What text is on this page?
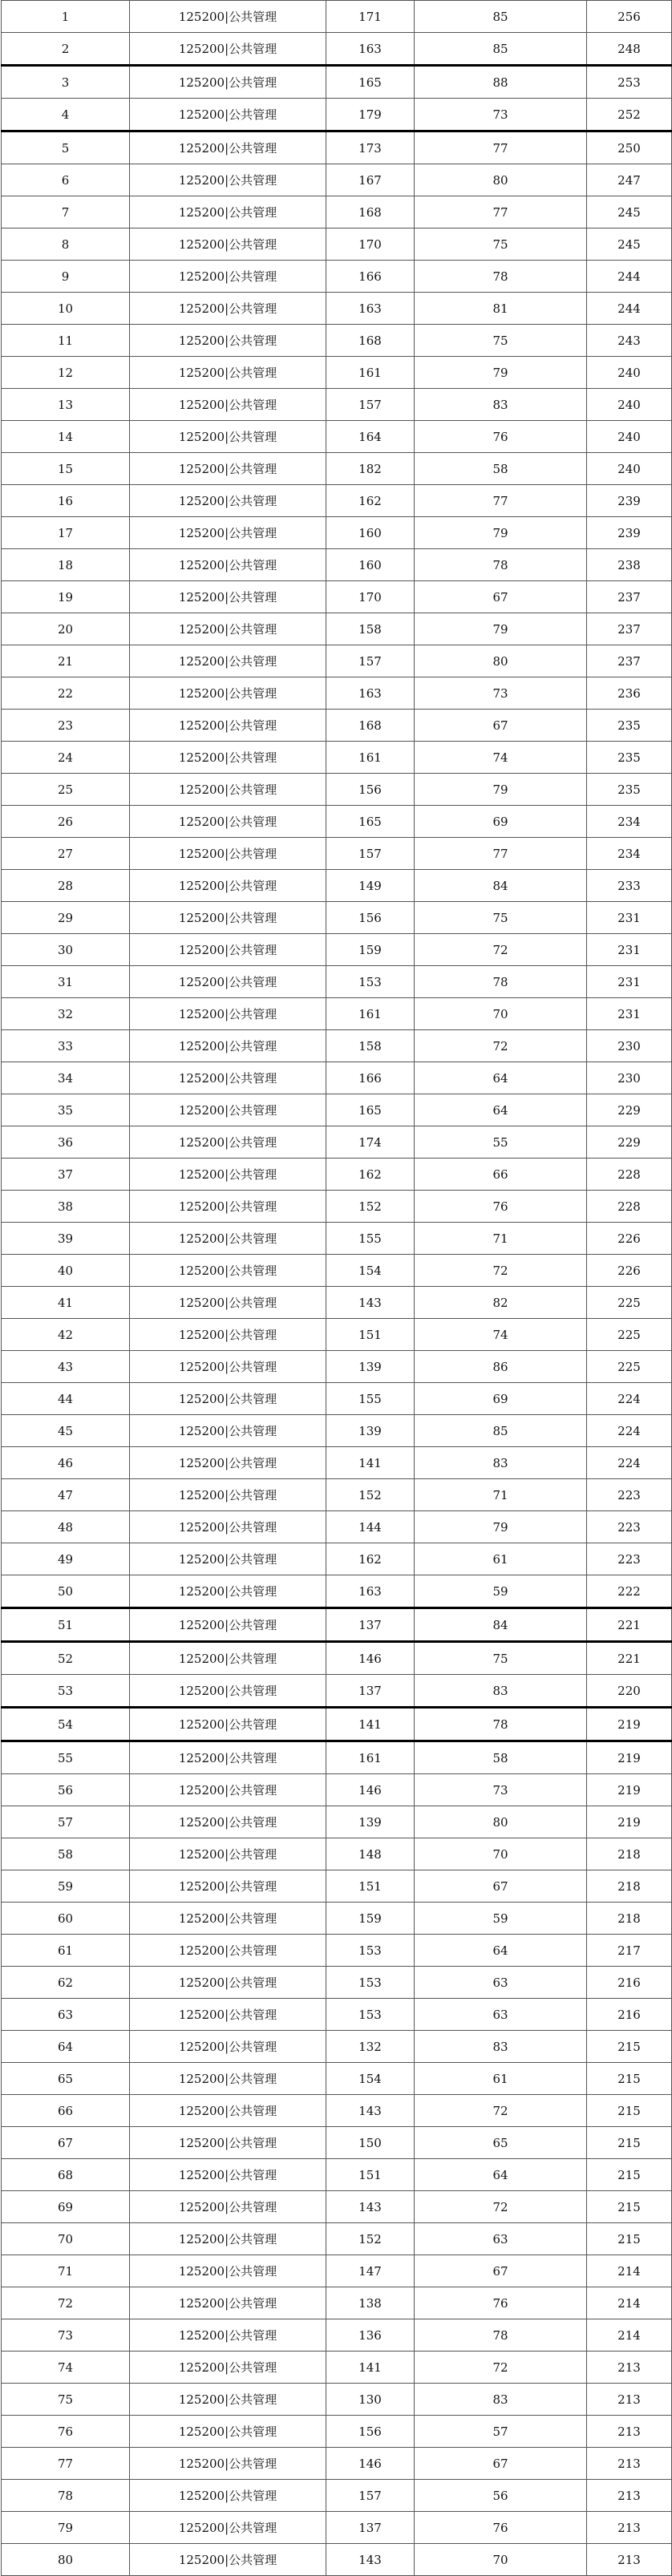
1	125200|公共管理	171	85	256
2	125200|公共管理	163	85	248
3	125200|公共管理	165	88	253
4	125200|公共管理	179	73	252
5	125200|公共管理	173	77	250
6	125200|公共管理	167	80	247
7	125200|公共管理	168	77	245
8	125200|公共管理	170	75	245
9	125200|公共管理	166	78	244
10	125200|公共管理	163	81	244
11	125200|公共管理	168	75	243
12	125200|公共管理	161	79	240
13	125200|公共管理	157	83	240
14	125200|公共管理	164	76	240
15	125200|公共管理	182	58	240
16	125200|公共管理	162	77	239
17	125200|公共管理	160	79	239
18	125200|公共管理	160	78	238
19	125200|公共管理	170	67	237
20	125200|公共管理	158	79	237
21	125200|公共管理	157	80	237
22	125200|公共管理	163	73	236
23	125200|公共管理	168	67	235
24	125200|公共管理	161	74	235
25	125200|公共管理	156	79	235
26	125200|公共管理	165	69	234
27	125200|公共管理	157	77	234
28	125200|公共管理	149	84	233
29	125200|公共管理	156	75	231
30	125200|公共管理	159	72	231
31	125200|公共管理	153	78	231
32	125200|公共管理	161	70	231
33	125200|公共管理	158	72	230
34	125200|公共管理	166	64	230
35	125200|公共管理	165	64	229
36	125200|公共管理	174	55	229
37	125200|公共管理	162	66	228
38	125200|公共管理	152	76	228
39	125200|公共管理	155	71	226
40	125200|公共管理	154	72	226
41	125200|公共管理	143	82	225
42	125200|公共管理	151	74	225
43	125200|公共管理	139	86	225
44	125200|公共管理	155	69	224
45	125200|公共管理	139	85	224
46	125200|公共管理	141	83	224
47	125200|公共管理	152	71	223
48	125200|公共管理	144	79	223
49	125200|公共管理	162	61	223
50	125200|公共管理	163	59	222
51	125200|公共管理	137	84	221
52	125200|公共管理	146	75	221
53	125200|公共管理	137	83	220
54	125200|公共管理	141	78	219
55	125200|公共管理	161	58	219
56	125200|公共管理	146	73	219
57	125200|公共管理	139	80	219
58	125200|公共管理	148	70	218
59	125200|公共管理	151	67	218
60	125200|公共管理	159	59	218
61	125200|公共管理	153	64	217
62	125200|公共管理	153	63	216
63	125200|公共管理	153	63	216
64	125200|公共管理	132	83	215
65	125200|公共管理	154	61	215
66	125200|公共管理	143	72	215
67	125200|公共管理	150	65	215
68	125200|公共管理	151	64	215
69	125200|公共管理	143	72	215
70	125200|公共管理	152	63	215
71	125200|公共管理	147	67	214
72	125200|公共管理	138	76	214
73	125200|公共管理	136	78	214
74	125200|公共管理	141	72	213
75	125200|公共管理	130	83	213
76	125200|公共管理	156	57	213
77	125200|公共管理	146	67	213
78	125200|公共管理	157	56	213
79	125200|公共管理	137	76	213
80	125200|公共管理	143	70	213
